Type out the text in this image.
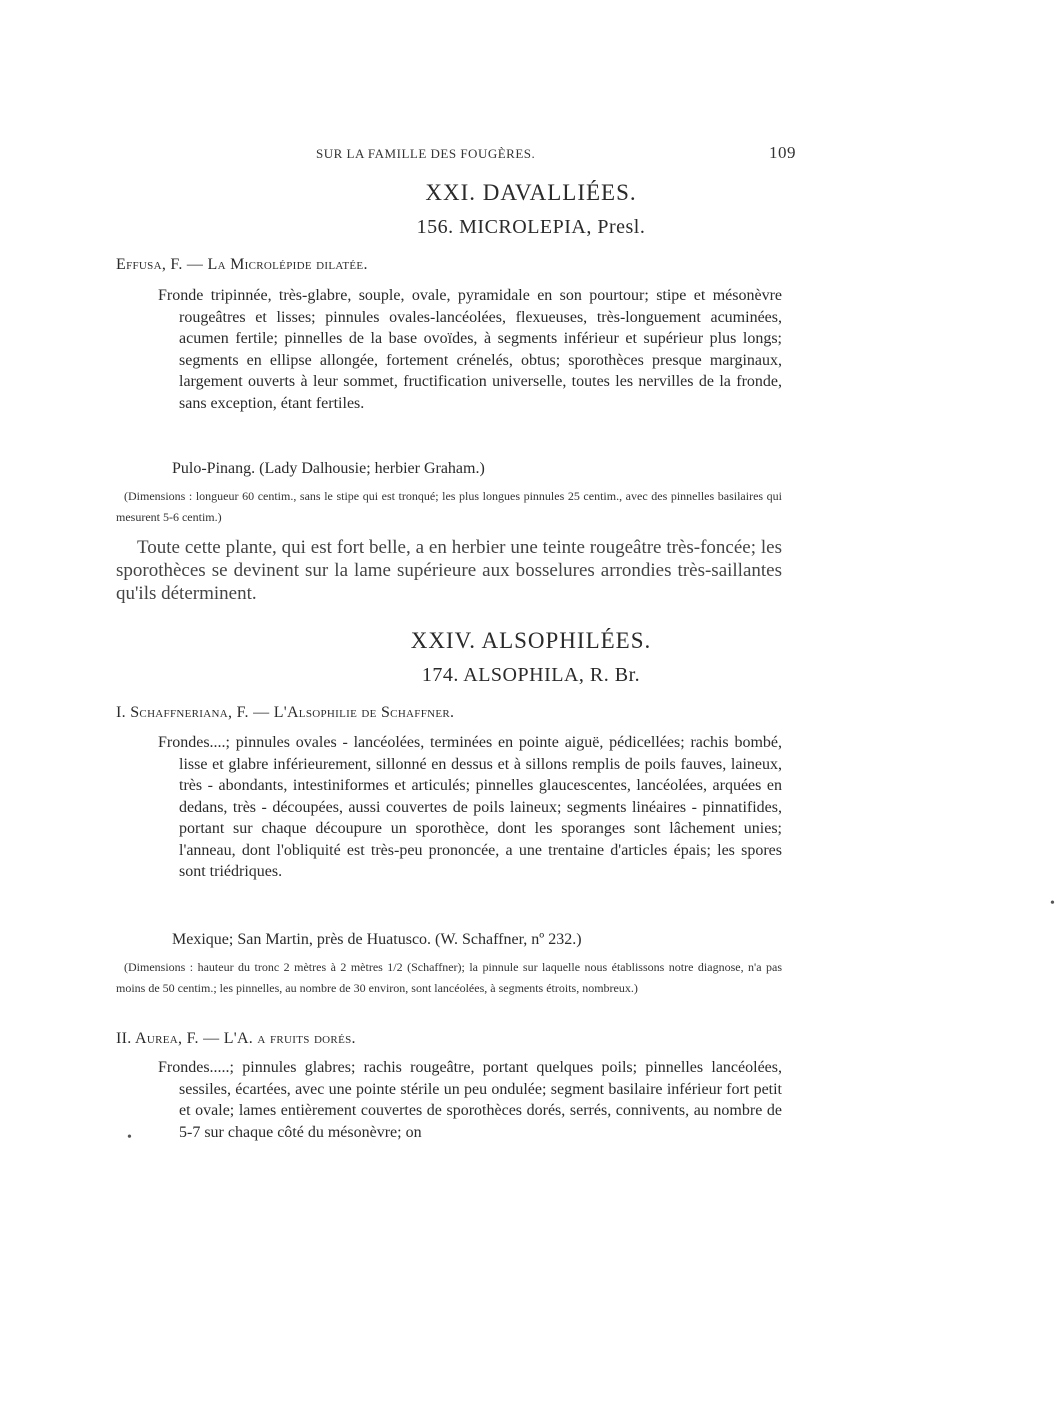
SUR LA FAMILLE DES FOUGÈRES.	109
XXI. DAVALLIÉES.
156. MICROLEPIA, Presl.
Effusa, F. — La Microlépide dilatée.
Fronde tripinnée, très-glabre, souple, ovale, pyramidale en son pourtour; stipe et mésonèvre rougeâtres et lisses; pinnules ovales-lancéolées, flexueuses, très-longuement acuminées, acumen fertile; pinnelles de la base ovoïdes, à segments inférieur et supérieur plus longs; segments en ellipse allongée, fortement crénelés, obtus; sporothèces presque marginaux, largement ouverts à leur sommet, fructification universelle, toutes les nervilles de la fronde, sans exception, étant fertiles.
Pulo-Pinang. (Lady Dalhousie; herbier Graham.)
(Dimensions : longueur 60 centim., sans le stipe qui est tronqué; les plus longues pinnules 25 centim., avec des pinnelles basilaires qui mesurent 5-6 centim.)
Toute cette plante, qui est fort belle, a en herbier une teinte rougeâtre très-foncée; les sporothèces se devinent sur la lame supérieure aux bosselures arrondies très-saillantes qu'ils déterminent.
XXIV. ALSOPHILÉES.
174. ALSOPHILA, R. Br.
I. Schaffneriana, F. — L'Alsophilie de Schaffner.
Frondes....; pinnules ovales - lancéolées, terminées en pointe aiguë, pédicellées; rachis bombé, lisse et glabre inférieurement, sillonné en dessus et à sillons remplis de poils fauves, laineux, très - abondants, intestiniformes et articulés; pinnelles glaucescentes, lancéolées, arquées en dedans, très - découpées, aussi couvertes de poils laineux; segments linéaires - pinnatifides, portant sur chaque découpure un sporothèce, dont les sporanges sont lâchement unies; l'anneau, dont l'obliquité est très-peu prononcée, a une trentaine d'articles épais; les spores sont triédriques.
Mexique; San Martin, près de Huatusco. (W. Schaffner, nº 232.)
(Dimensions : hauteur du tronc 2 mètres à 2 mètres 1/2 (Schaffner); la pinnule sur laquelle nous établissons notre diagnose, n'a pas moins de 50 centim.; les pinnelles, au nombre de 30 environ, sont lancéolées, à segments étroits, nombreux.)
II. Aurea, F. — L'A. a fruits dorés.
Frondes.....; pinnules glabres; rachis rougeâtre, portant quelques poils; pinnelles lancéolées, sessiles, écartées, avec une pointe stérile un peu ondulée; segment basilaire inférieur fort petit et ovale; lames entièrement couvertes de sporothèces dorés, serrés, connivents, au nombre de 5-7 sur chaque côté du mésonèvre; on
•
•
